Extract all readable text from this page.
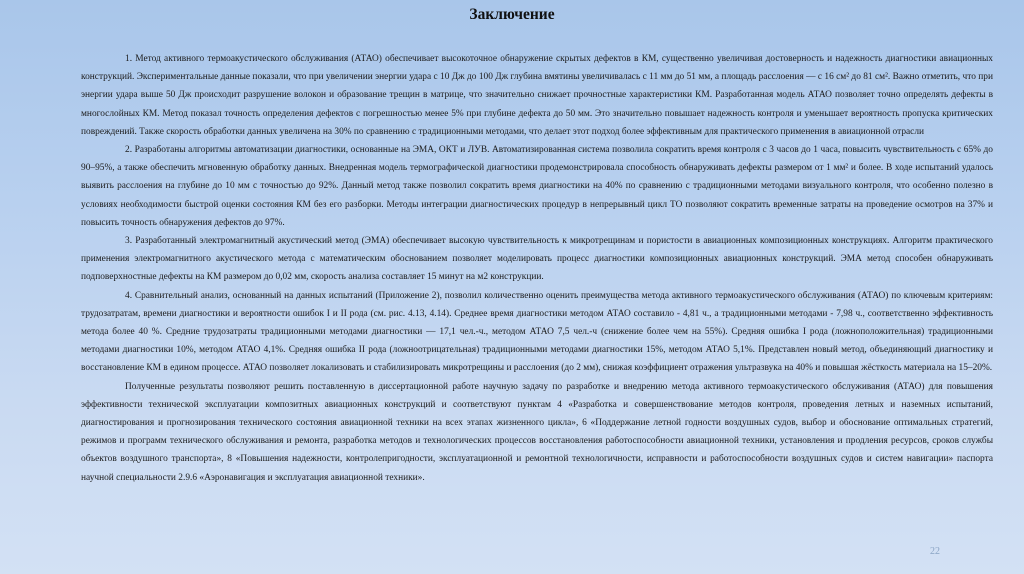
Заключение

1. Метод активного термоакустического обслуживания (АТАО) обеспечивает высокоточное обнаружение скрытых дефектов в КМ, существенно увеличивая достоверность и надежность диагностики авиационных конструкций. Экспериментальные данные показали, что при увеличении энергии удара с 10 Дж до 100 Дж глубина вмятины увеличивалась с 11 мм до 51 мм, а площадь расслоения — с 16 см² до 81 см². Важно отметить, что при энергии удара выше 50 Дж происходит разрушение волокон и образование трещин в матрице, что значительно снижает прочностные характеристики КМ. Разработанная модель АТАО позволяет точно определять дефекты в многослойных КМ. Метод показал точность определения дефектов с погрешностью менее 5% при глубине дефекта до 50 мм. Это значительно повышает надежность контроля и уменьшает вероятность пропуска критических повреждений. Также скорость обработки данных увеличена на 30% по сравнению с традиционными методами, что делает этот подход более эффективным для практического применения в авиационной отрасли

2. Разработаны алгоритмы автоматизации диагностики, основанные на ЭМА, ОКТ и ЛУВ. Автоматизированная система позволила сократить время контроля с 3 часов до 1 часа, повысить чувствительность с 65% до 90–95%, а также обеспечить мгновенную обработку данных. Внедренная модель термографической диагностики продемонстрировала способность обнаруживать дефекты размером от 1 мм² и более. В ходе испытаний удалось выявить расслоения на глубине до 10 мм с точностью до 92%. Данный метод также позволил сократить время диагностики на 40% по сравнению с традиционными методами визуального контроля, что особенно полезно в условиях необходимости быстрой оценки состояния КМ без его разборки. Методы интеграции диагностических процедур в непрерывный цикл ТО позволяют сократить временные затраты на проведение осмотров на 37% и повысить точность обнаружения дефектов до 97%.

3. Разработанный электромагнитный акустический метод (ЭМА) обеспечивает высокую чувствительность к микротрещинам и пористости в авиационных композиционных конструкциях. Алгоритм практического применения электромагнитного акустического метода с математическим обоснованием позволяет моделировать процесс диагностики композиционных авиационных конструкций. ЭМА метод способен обнаруживать подповерхностные дефекты на КМ размером до 0,02 мм, скорость анализа составляет 15 минут на м2 конструкции.

4. Сравнительный анализ, основанный на данных испытаний (Приложение 2), позволил количественно оценить преимущества метода активного термоакустического обслуживания (АТАО) по ключевым критериям: трудозатратам, времени диагностики и вероятности ошибок I и II рода (см. рис. 4.13, 4.14). Среднее время диагностики методом АТАО составило - 4,81 ч., а традиционными методами - 7,98 ч., соответственно эффективность метода более 40 %. Средние трудозатраты традиционными методами диагностики — 17,1 чел.-ч., методом АТАО 7,5 чел.-ч (снижение более чем на 55%). Средняя ошибка I рода (ложноположительная) традиционными методами диагностики 10%, методом АТАО 4,1%. Средняя ошибка II рода (ложноотрицательная) традиционными методами диагностики 15%, методом АТАО 5,1%. Представлен новый метод, объединяющий диагностику и восстановление КМ в едином процессе. АТАО позволяет локализовать и стабилизировать микротрещины и расслоения (до 2 мм), снижая коэффициент отражения ультразвука на 40% и повышая жёсткость материала на 15–20%.

Полученные результаты позволяют решить поставленную в диссертационной работе научную задачу по разработке и внедрению метода активного термоакустического обслуживания (АТАО) для повышения эффективности технической эксплуатации композитных авиационных конструкций и соответствуют пунктам 4 «Разработка и совершенствование методов контроля, проведения летных и наземных испытаний, диагностирования и прогнозирования технического состояния авиационной техники на всех этапах жизненного цикла», 6 «Поддержание летной годности воздушных судов, выбор и обоснование оптимальных стратегий, режимов и программ технического обслуживания и ремонта, разработка методов и технологических процессов восстановления работоспособности авиационной техники, установления и продления ресурсов, сроков службы объектов воздушного транспорта», 8 «Повышения надежности, контролепригодности, эксплуатационной и ремонтной технологичности, исправности и работоспособности воздушных судов и систем навигации» паспорта научной специальности 2.9.6 «Аэронавигация и эксплуатация авиационной техники».

22
